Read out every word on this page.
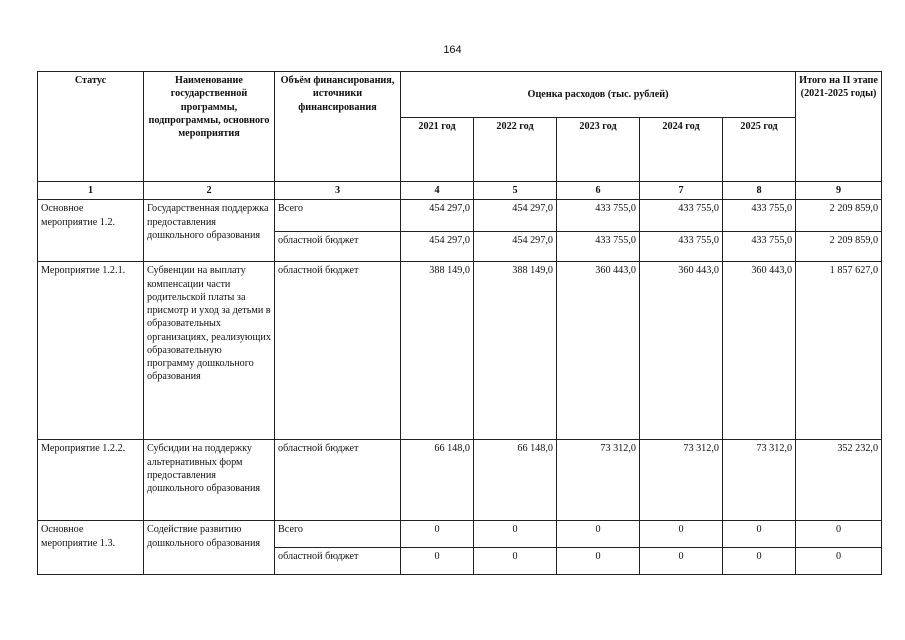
164
Статус	Наименование государственной программы, подпрограммы, основного мероприятия	Объём финансирования, источники финансирования	Оценка расходов (тыс. рублей)					Итого на II этапе (2021-2025 годы)
			2021 год	2022 год	2023 год	2024 год	2025 год	
1	2	3	4	5	6	7	8	9
Основное мероприятие 1.2.	Государственная поддержка предоставления дошкольного образования	Всего	454 297,0	454 297,0	433 755,0	433 755,0	433 755,0	2 209 859,0
		областной бюджет	454 297,0	454 297,0	433 755,0	433 755,0	433 755,0	2 209 859,0
Мероприятие 1.2.1.	Субвенции на выплату компенсации части родительской платы за присмотр и уход за детьми в образовательных организациях, реализующих образовательную программу дошкольного образования	областной бюджет	388 149,0	388 149,0	360 443,0	360 443,0	360 443,0	1 857 627,0
Мероприятие 1.2.2.	Субсидии на поддержку альтернативных форм предоставления дошкольного образования	областной бюджет	66 148,0	66 148,0	73 312,0	73 312,0	73 312,0	352 232,0
Основное мероприятие 1.3.	Содействие развитию дошкольного образования	Всего	0	0	0	0	0	0
		областной бюджет	0	0	0	0	0	0
